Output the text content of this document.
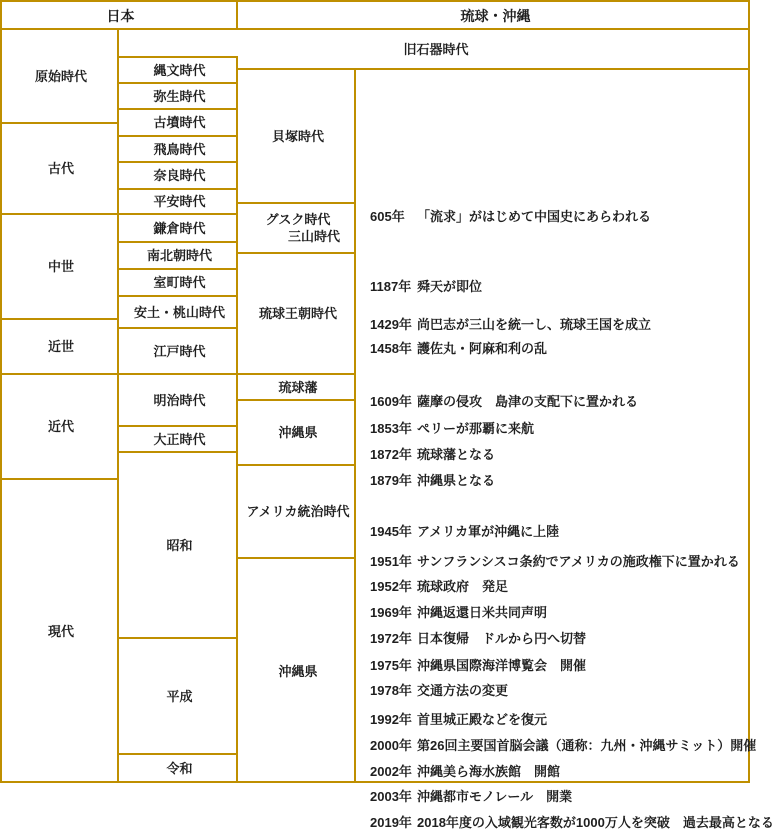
日本	琉球・沖縄
旧石器時代
原始時代
古代
中世
近世
近代
現代
縄文時代
弥生時代
古墳時代
飛鳥時代
奈良時代
平安時代
鎌倉時代
南北朝時代
室町時代
安土・桃山時代
江戸時代
明治時代
大正時代
昭和
平成
令和
貝塚時代
グスク時代
三山時代
琉球王朝時代
琉球藩
沖縄県
アメリカ統治時代
沖縄県
605年 「流求」がはじめて中国史にあらわれる
1187年 舜天が即位
1429年 尚巴志が三山を統一し、琉球王国を成立
1458年 護佐丸・阿麻和利の乱
1609年 薩摩の侵攻　島津の支配下に置かれる
1853年 ペリーが那覇に来航
1872年 琉球藩となる
1879年 沖縄県となる
1945年 アメリカ軍が沖縄に上陸
1951年 サンフランシスコ条約でアメリカの施政権下に置かれる
1952年 琉球政府　発足
1969年 沖縄返還日米共同声明
1972年 日本復帰　ドルから円へ切替
1975年 沖縄県国際海洋博覧会　開催
1978年 交通方法の変更
1992年 首里城正殿などを復元
2000年 第26回主要国首脳会議（通称：九州・沖縄サミット）開催
2002年 沖縄美ら海水族館　開館
2003年 沖縄都市モノレール　開業
2019年 2018年度の入域観光客数が1000万人を突破　過去最高となる
